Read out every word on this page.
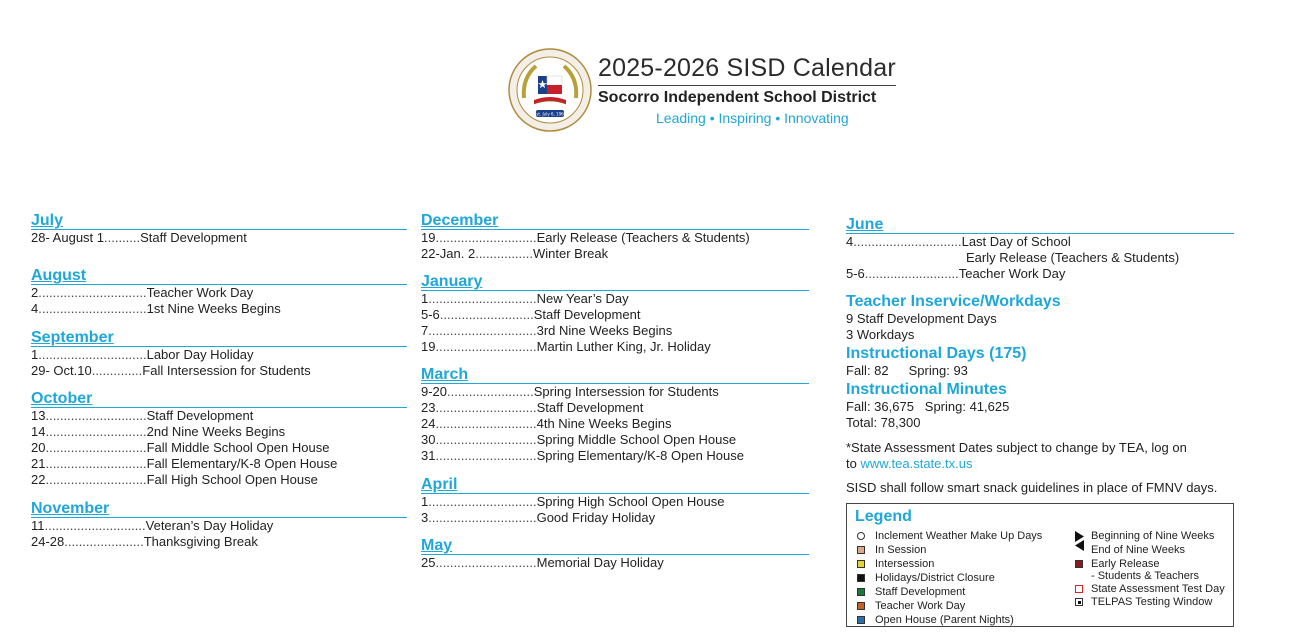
Est. July 6, 1960
2025-2026 SISD Calendar
Socorro Independent School District
Leading • Inspiring • Innovating
July
28- August 1..........Staff Development
August
2..............................Teacher Work Day
4..............................1st Nine Weeks Begins
September
1..............................Labor Day Holiday
29- Oct.10..............Fall Intersession for Students
October
13............................Staff Development
14............................2nd Nine Weeks Begins
20............................Fall Middle School Open House
21............................Fall Elementary/K-8 Open House
22............................Fall High School Open House
November
11............................Veteran’s Day Holiday
24-28......................Thanksgiving Break
December
19............................Early Release (Teachers & Students)
22-Jan. 2................Winter Break
January
1..............................New Year’s Day
5-6..........................Staff Development
7..............................3rd Nine Weeks Begins
19............................Martin Luther King, Jr. Holiday
March
9-20........................Spring Intersession for Students
23............................Staff Development
24............................4th Nine Weeks Begins
30............................Spring Middle School Open House
31............................Spring Elementary/K-8 Open House
April
1..............................Spring High School Open House
3..............................Good Friday Holiday
May
25............................Memorial Day Holiday
June
4..............................Last Day of School
Early Release (Teachers & Students)
5-6..........................Teacher Work Day
Teacher Inservice/Workdays
9 Staff Development Days
3 Workdays
Instructional Days (175)
Fall: 82 Spring: 93
Instructional Minutes
Fall: 36,675   Spring: 41,625
Total: 78,300
*State Assessment Dates subject to change by TEA, log on
to www.tea.state.tx.us
SISD shall follow smart snack guidelines in place of FMNV days.
Legend
Inclement Weather Make Up Days
In Session
Intersession
Holidays/District Closure
Staff Development
Teacher Work Day
Open House (Parent Nights)
Beginning of Nine Weeks
End of Nine Weeks
Early Release
- Students & Teachers
State Assessment Test Day
TELPAS Testing Window
